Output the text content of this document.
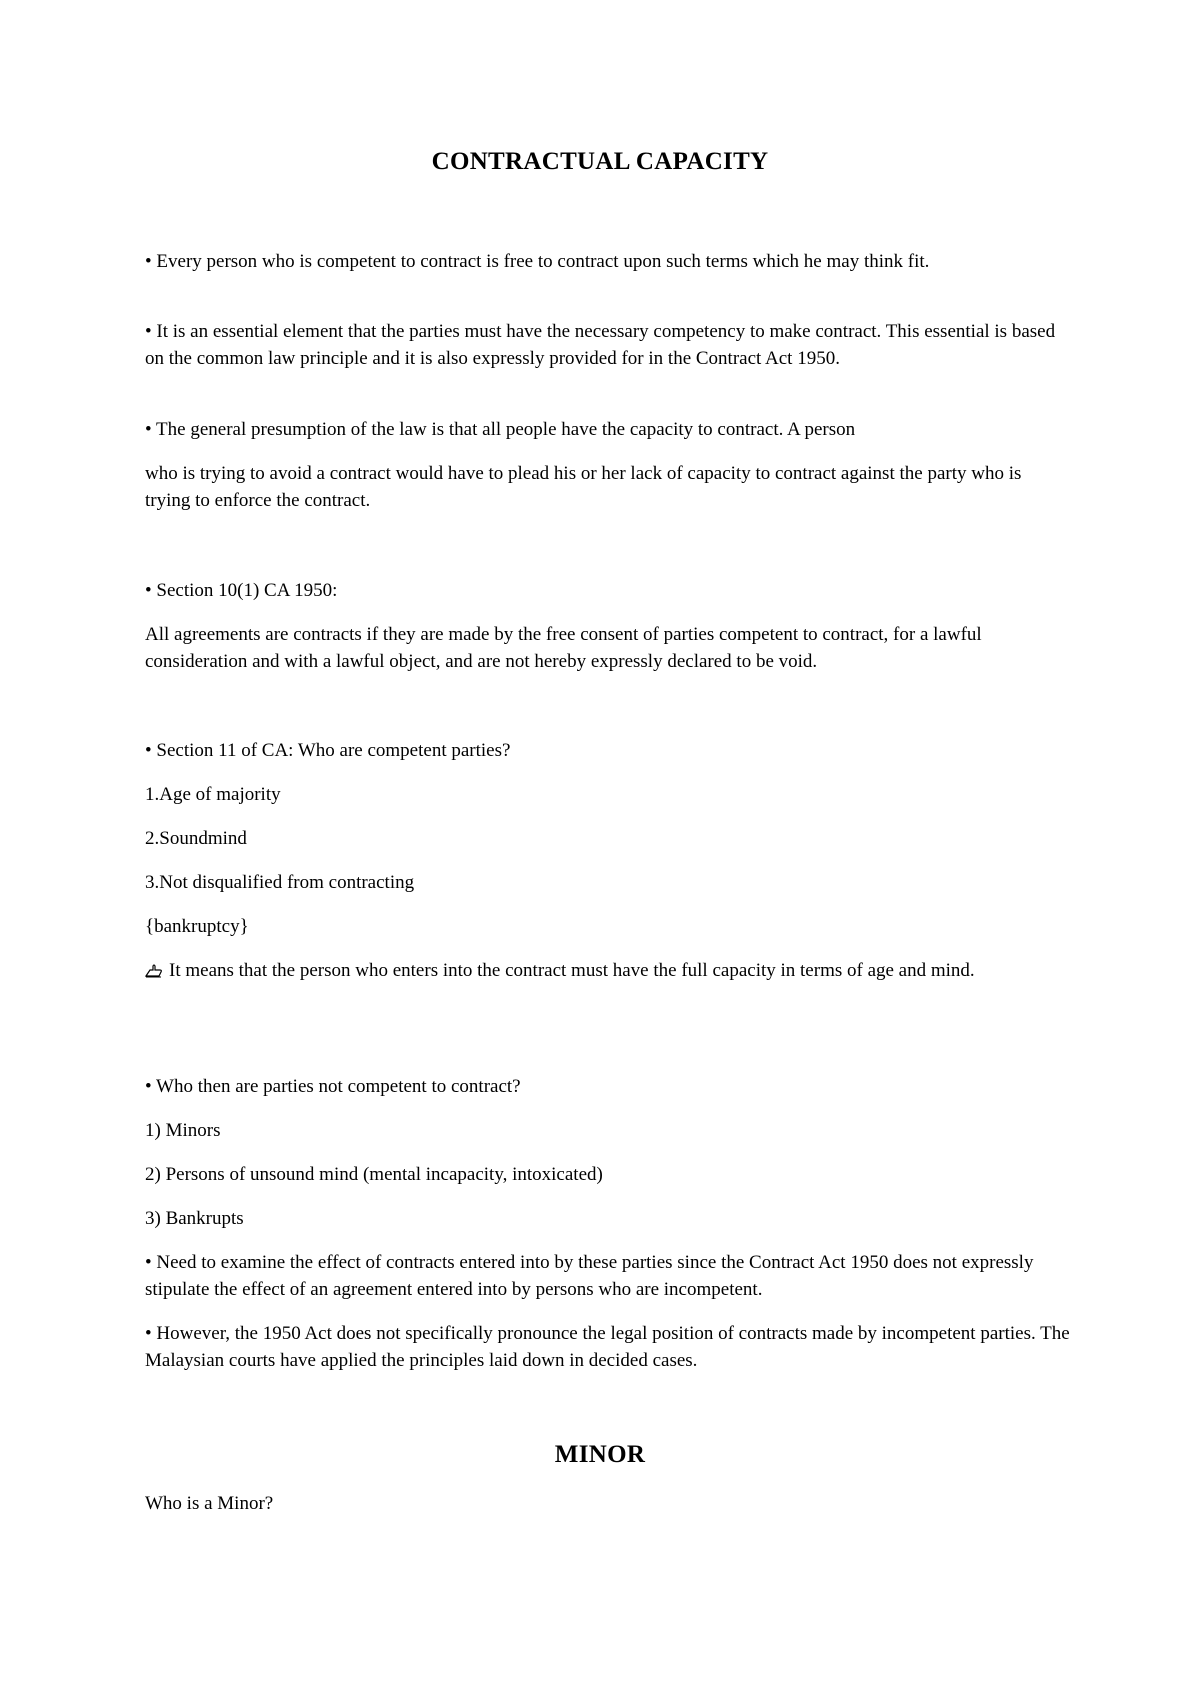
CONTRACTUAL CAPACITY
• Every person who is competent to contract is free to contract upon such terms which he may think fit.
• It is an essential element that the parties must have the necessary competency to make contract. This essential is based on the common law principle and it is also expressly provided for in the Contract Act 1950.
• The general presumption of the law is that all people have the capacity to contract. A person
who is trying to avoid a contract would have to plead his or her lack of capacity to contract against the party who is trying to enforce the contract.
• Section 10(1) CA 1950:
All agreements are contracts if they are made by the free consent of parties competent to contract, for a lawful consideration and with a lawful object, and are not hereby expressly declared to be void.
• Section 11 of CA: Who are competent parties?
1.Age of majority
2.Soundmind
3.Not disqualified from contracting
{bankruptcy}
It means that the person who enters into the contract must have the full capacity in terms of age and mind.
• Who then are parties not competent to contract?
1) Minors
2) Persons of unsound mind (mental incapacity, intoxicated)
3) Bankrupts
• Need to examine the effect of contracts entered into by these parties since the Contract Act 1950 does not expressly stipulate the effect of an agreement entered into by persons who are incompetent.
• However, the 1950 Act does not specifically pronounce the legal position of contracts made by incompetent parties. The Malaysian courts have applied the principles laid down in decided cases.
MINOR
Who is a Minor?
